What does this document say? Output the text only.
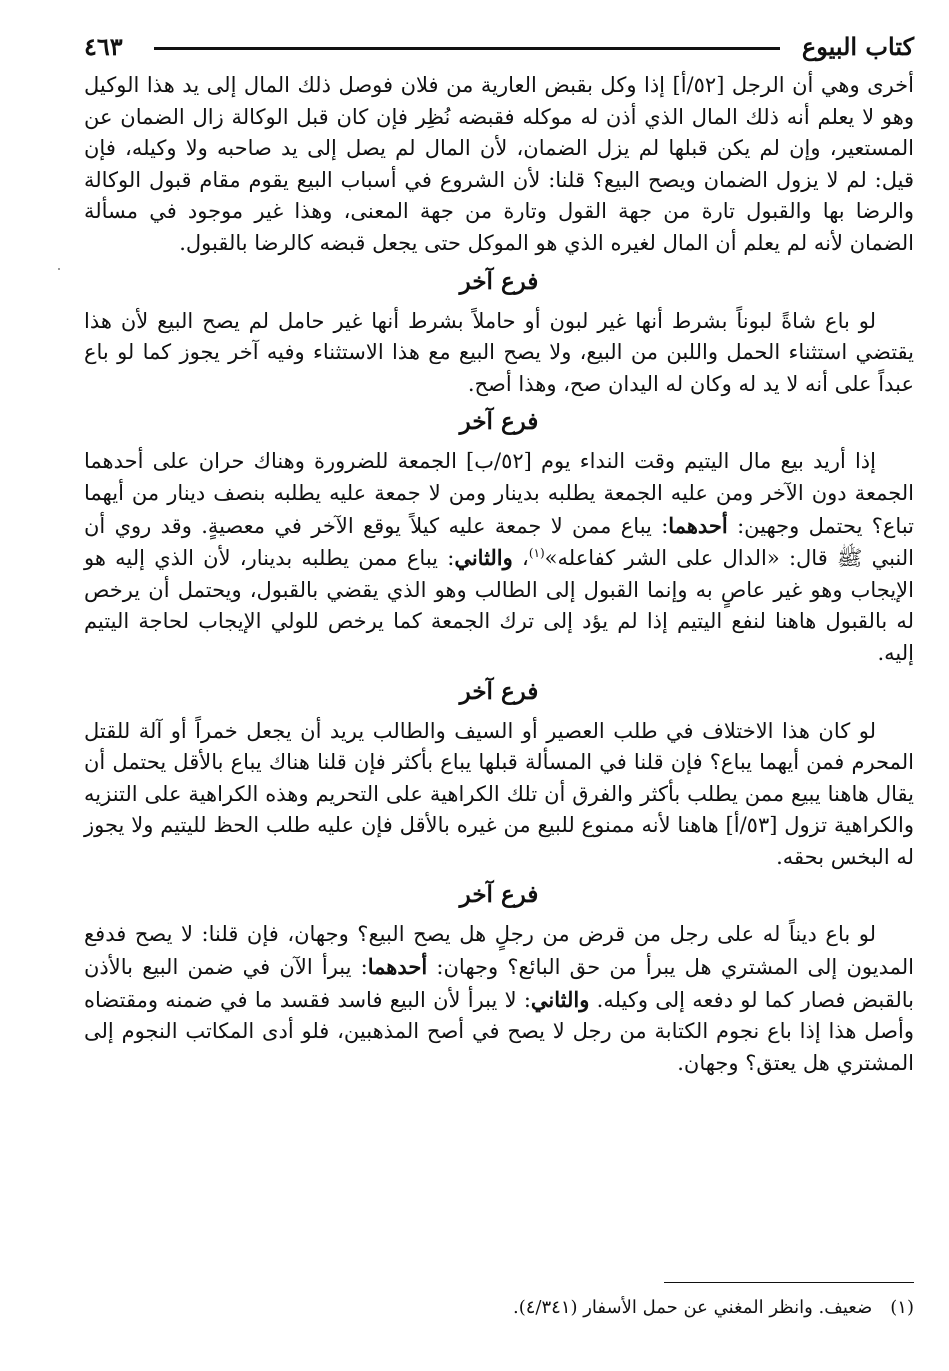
كتاب البيوع
٤٦٣

أخرى وهي أن الرجل [٥٢/أ] إذا وكل بقبض العارية من فلان فوصل ذلك المال إلى يد هذا الوكيل وهو لا يعلم أنه ذلك المال الذي أذن له موكله فقبضه نُظِر فإن كان قبل الوكالة زال الضمان عن المستعير، وإن لم يكن قبلها لم يزل الضمان، لأن المال لم يصل إلى يد صاحبه ولا وكيله، فإن قيل: لم لا يزول الضمان ويصح البيع؟ قلنا: لأن الشروع في أسباب البيع يقوم مقام قبول الوكالة والرضا بها والقبول تارة من جهة القول وتارة من جهة المعنى، وهذا غير موجود في مسألة الضمان لأنه لم يعلم أن المال لغيره الذي هو الموكل حتى يجعل قبضه كالرضا بالقبول.

فرع آخر

لو باع شاةً لبوناً بشرط أنها غير لبون أو حاملاً بشرط أنها غير حامل لم يصح البيع لأن هذا يقتضي استثناء الحمل واللبن من البيع، ولا يصح البيع مع هذا الاستثناء وفيه آخر يجوز كما لو باع عبداً على أنه لا يد له وكان له اليدان صح، وهذا أصح.

فرع آخر

إذا أريد بيع مال اليتيم وقت النداء يوم [٥٢/ب] الجمعة للضرورة وهناك حران على أحدهما الجمعة دون الآخر ومن عليه الجمعة يطلبه بدينار ومن لا جمعة عليه يطلبه بنصف دينار من أيهما تباع؟ يحتمل وجهين: أحدهما: يباع ممن لا جمعة عليه كيلاً يوقع الآخر في معصيةٍ. وقد روي أن النبي ﷺ قال: «الدال على الشر كفاعله»$^{(١)}$، والثاني: يباع ممن يطلبه بدينار، لأن الذي إليه هو الإيجاب وهو غير عاصٍ به وإنما القبول إلى الطالب وهو الذي يقضي بالقبول، ويحتمل أن يرخص له بالقبول هاهنا لنفع اليتيم إذا لم يؤد إلى ترك الجمعة كما يرخص للولي الإيجاب لحاجة اليتيم إليه.

فرع آخر

لو كان هذا الاختلاف في طلب العصير أو السيف والطالب يريد أن يجعل خمراً أو آلة للقتل المحرم فمن أيهما يباع؟ فإن قلنا في المسألة قبلها يباع بأكثر فإن قلنا هناك يباع بالأقل يحتمل أن يقال هاهنا يبيع ممن يطلب بأكثر والفرق أن تلك الكراهية على التحريم وهذه الكراهية على التنزيه والكراهية تزول [٥٣/أ] هاهنا لأنه ممنوع للبيع من غيره بالأقل فإن عليه طلب الحظ لليتيم ولا يجوز له البخس بحقه.

فرع آخر

لو باع ديناً له على رجل من قرض من رجلٍ هل يصح البيع؟ وجهان، فإن قلنا: لا يصح فدفع المديون إلى المشتري هل يبرأ من حق البائع؟ وجهان: أحدهما: يبرأ الآن في ضمن البيع بالأذن بالقبض فصار كما لو دفعه إلى وكيله. والثاني: لا يبرأ لأن البيع فاسد فقسد ما في ضمنه ومقتضاه وأصل هذا إذا باع نجوم الكتابة من رجل لا يصح في أصح المذهبين، فلو أدى المكاتب النجوم إلى المشتري هل يعتق؟ وجهان.

(١)ضعيف. وانظر المغني عن حمل الأسفار (٤/٣٤١).
